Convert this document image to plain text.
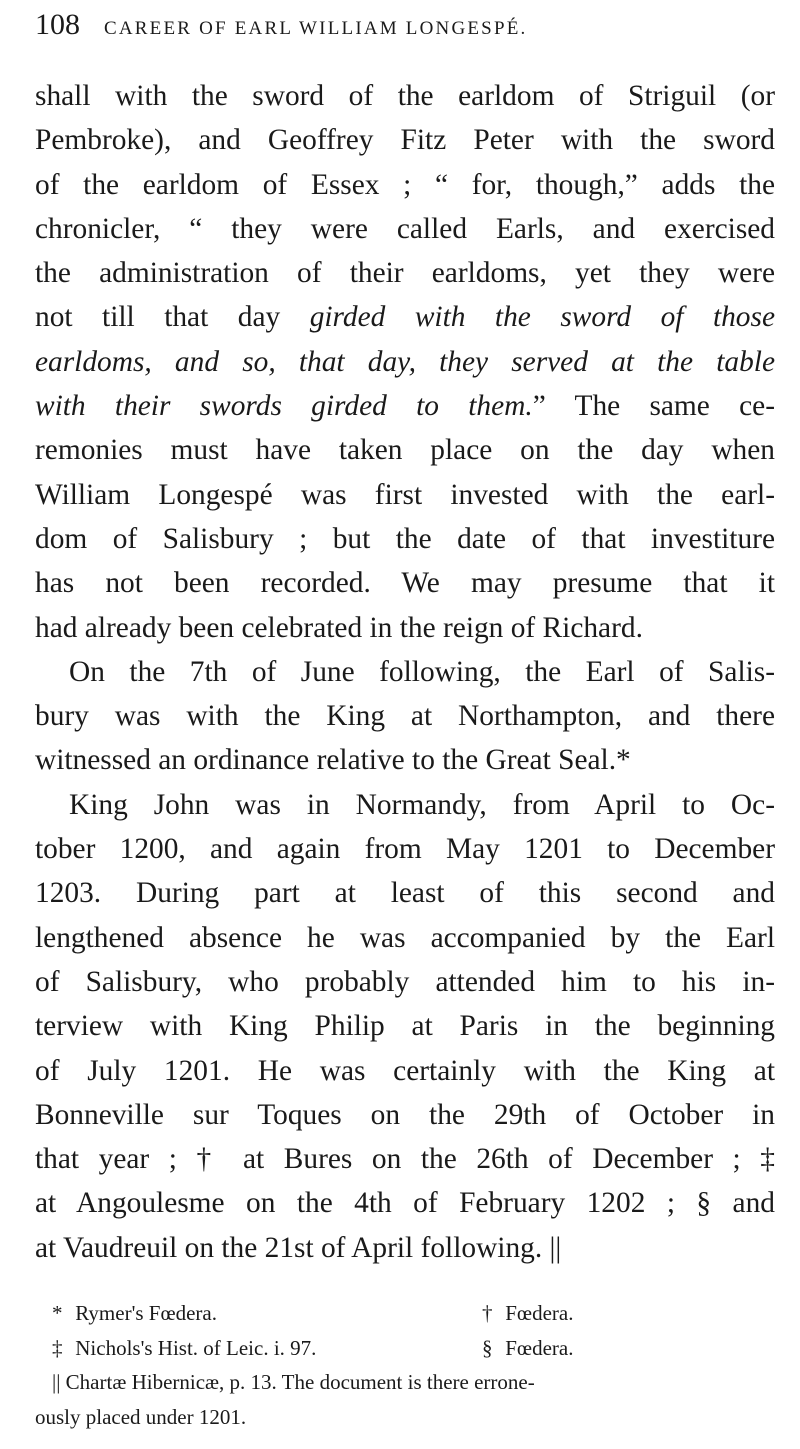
108 CAREER OF EARL WILLIAM LONGESPÉ.
shall with the sword of the earldom of Striguil (or
Pembroke), and Geoffrey Fitz Peter with the sword
of the earldom of Essex ; “ for, though,” adds the
chronicler, “ they were called Earls, and exercised
the administration of their earldoms, yet they were
not till that day girded with the sword of those
earldoms, and so, that day, they served at the table
with their swords girded to them.” The same ce-
remonies must have taken place on the day when
William Longespé was first invested with the earl-
dom of Salisbury ; but the date of that investiture
has not been recorded. We may presume that it
had already been celebrated in the reign of Richard.
On the 7th of June following, the Earl of Salis-
bury was with the King at Northampton, and there
witnessed an ordinance relative to the Great Seal.*
King John was in Normandy, from April to Oc-
tober 1200, and again from May 1201 to December
1203. During part at least of this second and
lengthened absence he was accompanied by the Earl
of Salisbury, who probably attended him to his in-
terview with King Philip at Paris in the beginning
of July 1201. He was certainly with the King at
Bonneville sur Toques on the 29th of October in
that year ; † at Bures on the 26th of December ; ‡
at Angoulesme on the 4th of February 1202 ; § and
at Vaudreuil on the 21st of April following. ||
* Rymer's Fœdera.	† Fœdera.
‡ Nichols's Hist. of Leic. i. 97.	§ Fœdera.
|| Chartæ Hibernicæ, p. 13. The document is there errone-
ously placed under 1201.
